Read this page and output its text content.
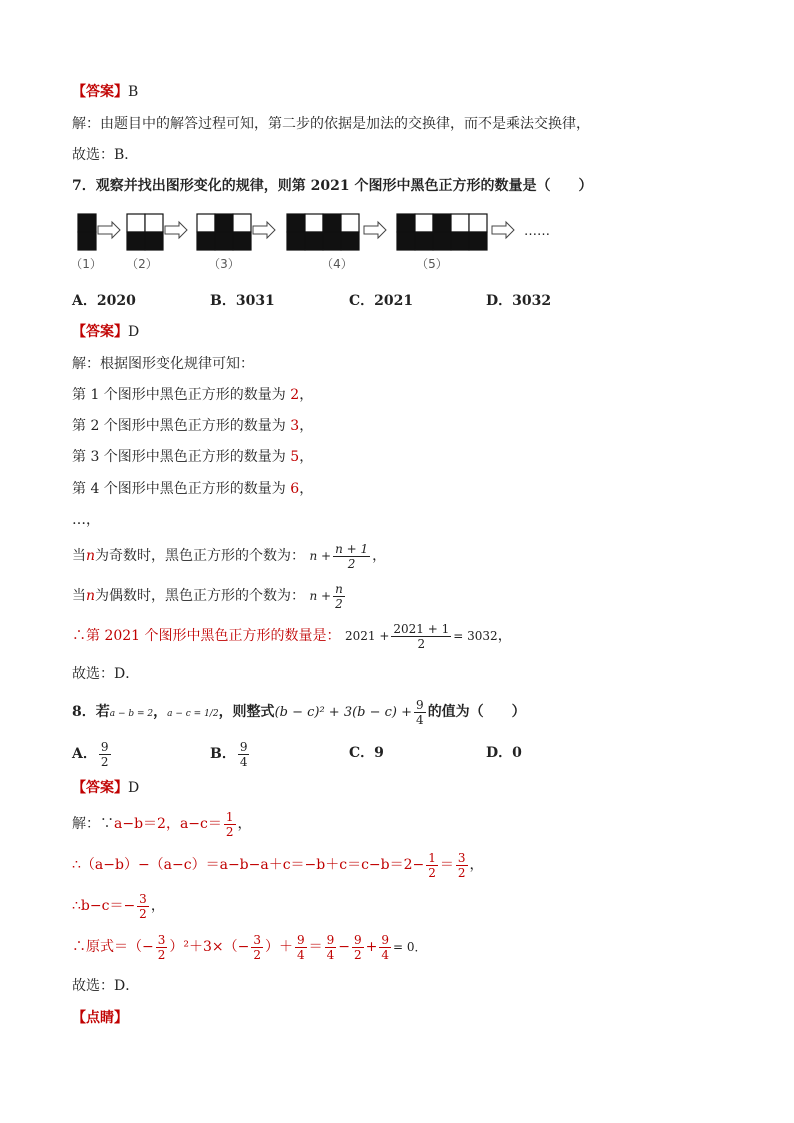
【答案】B
解：由题目中的解答过程可知，第二步的依据是加法的交换律，而不是乘法交换律，
故选：B．
7．观察并找出图形变化的规律，则第 2021 个图形中黑色正方形的数量是（　　）
……
（1） （2）	（3）	（4）	（5）
A．2020	B．3031	C．2021	D．3032
【答案】D
解：根据图形变化规律可知：
第 1 个图形中黑色正方形的数量为 2，
第 2 个图形中黑色正方形的数量为 3，
第 3 个图形中黑色正方形的数量为 5，
第 4 个图形中黑色正方形的数量为 6，
…，
当n为奇数时，黑色正方形的个数为： $n + \frac{n + 1}{2}$ ，
当n为偶数时，黑色正方形的个数为： $n + \frac{n}{2}$
∴第 2021 个图形中黑色正方形的数量是： $2021 + \frac{2021 + 1}{2} = 3032$，
故选：D．
8．若a − b = 2，a − c = 1/2，则整式$(b - c)^2 + 3(b - c) + \frac{9}{4}$ 的值为（　　）
A． $\frac{9}{2}$	B． $\frac{9}{4}$	C．9	D．0
【答案】D
解：∵a−b＝2，$a-c= \frac{1}{2}$ ，
∴（a−b）−（a−c）＝a−b−a＋c＝−b＋c＝c−b＝2− $\frac{1}{2} = \frac{3}{2}$ ，
∴b−c＝− $\frac{3}{2}$ ，
∴原式＝（− $\frac{3}{2} )^2+3\times(- \frac{3}{2}$ ）＋ $\frac{9}{4} = \frac{9}{4} - \frac{9}{2} + \frac{9}{4} = 0$．
故选：D．
【点睛】
